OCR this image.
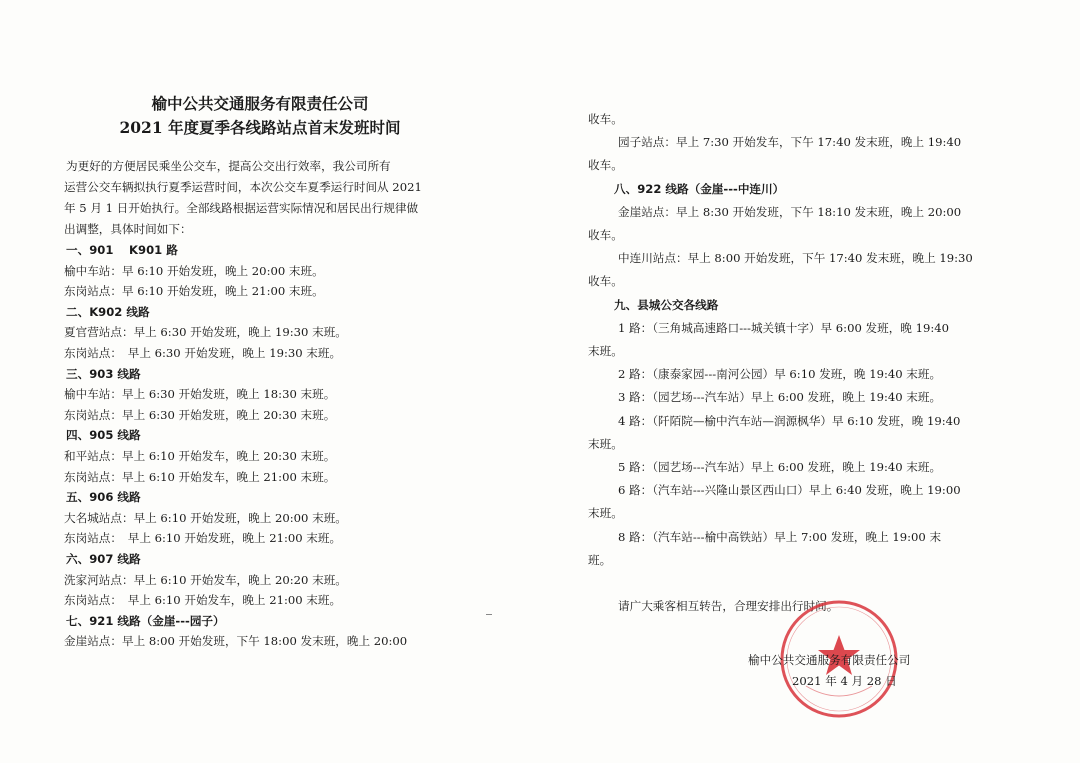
榆中公共交通服务有限责任公司
2021 年度夏季各线路站点首末发班时间
为更好的方便居民乘坐公交车，提高公交出行效率，我公司所有
运营公交车辆拟执行夏季运营时间，本次公交车夏季运行时间从 2021
年 5 月 1 日开始执行。全部线路根据运营实际情况和居民出行规律做
出调整，具体时间如下：
一、901　 K901 路
榆中车站：早 6:10 开始发班，晚上 20:00 末班。
东岗站点：早 6:10 开始发班，晚上 21:00 末班。
二、K902 线路
夏官营站点：早上 6:30 开始发班，晚上 19:30 末班。
东岗站点：　早上 6:30 开始发班，晚上 19:30 末班。
三、903 线路
榆中车站：早上 6:30 开始发班，晚上 18:30 末班。
东岗站点：早上 6:30 开始发班，晚上 20:30 末班。
四、905 线路
和平站点：早上 6:10 开始发车，晚上 20:30 末班。
东岗站点：早上 6:10 开始发车，晚上 21:00 末班。
五、906 线路
大名城站点：早上 6:10 开始发班，晚上 20:00 末班。
东岗站点：　早上 6:10 开始发班，晚上 21:00 末班。
六、907 线路
洗家河站点：早上 6:10 开始发车，晚上 20:20 末班。
东岗站点：　早上 6:10 开始发车，晚上 21:00 末班。
七、921 线路（金崖---园子）
金崖站点：早上 8:00 开始发班，下午 18:00 发末班，晚上 20:00
收车。
园子站点：早上 7:30 开始发车，下午 17:40 发末班，晚上 19:40
收车。
八、922 线路（金崖---中连川）
金崖站点：早上 8:30 开始发班，下午 18:10 发末班，晚上 20:00
收车。
中连川站点：早上 8:00 开始发班，下午 17:40 发末班，晚上 19:30
收车。
九、县城公交各线路
1 路：（三角城高速路口---城关镇十字）早 6:00 发班，晚 19:40
末班。
2 路：（康泰家园---南河公园）早 6:10 发班，晚 19:40 末班。
3 路：（园艺场---汽车站）早上 6:00 发班，晚上 19:40 末班。
4 路：（阡陌院—榆中汽车站—润源枫华）早 6:10 发班，晚 19:40
末班。
5 路：（园艺场---汽车站）早上 6:00 发班，晚上 19:40 末班。
6 路：（汽车站---兴隆山景区西山口）早上 6:40 发班，晚上 19:00
末班。
8 路：（汽车站---榆中高铁站）早上 7:00 发班，晚上 19:00 末
班。
请广大乘客相互转告，合理安排出行时间。
榆中公共交通服务有限责任公司
2021 年 4 月 28 日
